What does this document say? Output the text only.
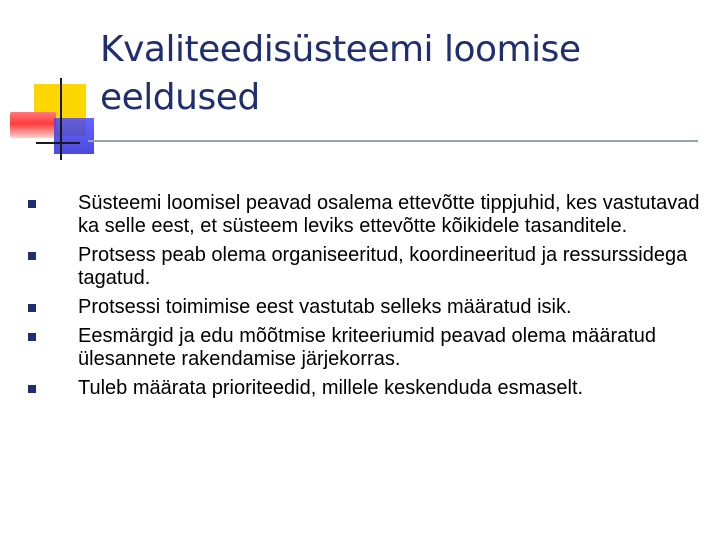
Kvaliteedisüsteemi loomise
eeldused
Süsteemi loomisel peavad osalema ettevõtte tippjuhid, kes vastutavad ka selle eest, et süsteem leviks ettevõtte kõikidele tasanditele.
Protsess peab olema organiseeritud, koordineeritud ja ressurssidega tagatud.
Protsessi toimimise eest vastutab selleks määratud isik.
Eesmärgid ja edu mõõtmise kriteeriumid peavad olema määratud ülesannete rakendamise järjekorras.
Tuleb määrata prioriteedid, millele keskenduda esmaselt.
